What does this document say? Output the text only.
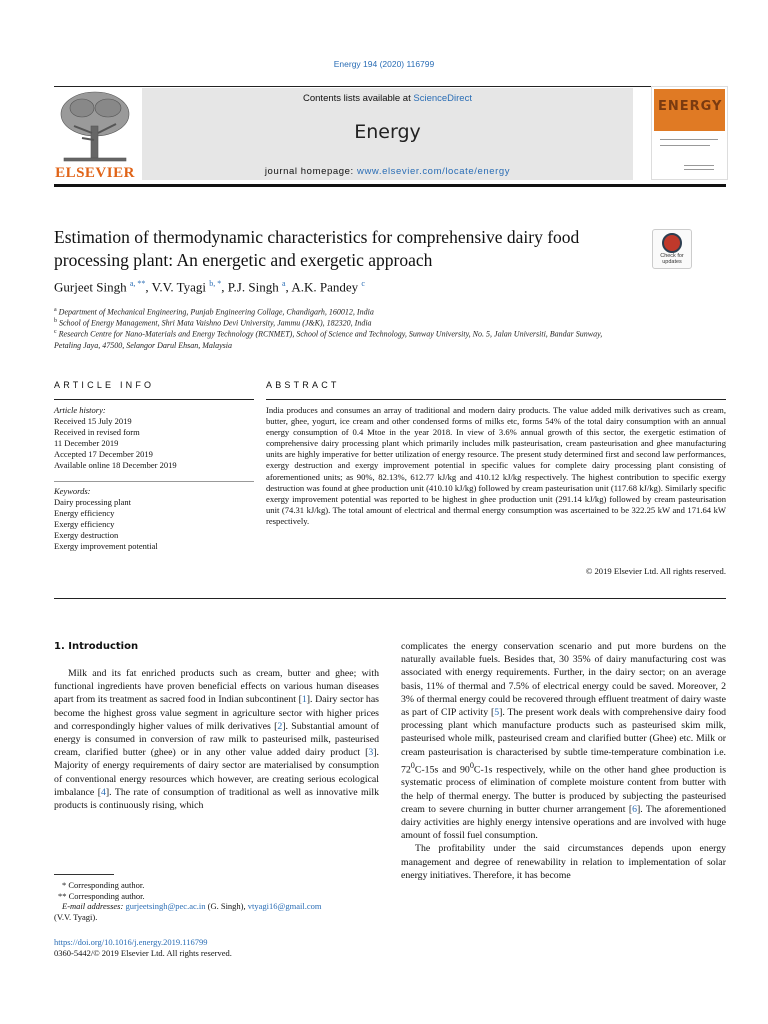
Energy 194 (2020) 116799
ELSEVIER
Contents lists available at ScienceDirect
Energy
journal homepage: www.elsevier.com/locate/energy
ENERGY
Estimation of thermodynamic characteristics for comprehensive dairy food processing plant: An energetic and exergetic approach	Check for
updates
Gurjeet Singh $^{a, **}$, V.V. Tyagi $^{b, *}$, P.J. Singh $^a$, A.K. Pandey $^c$
$^a$ Department of Mechanical Engineering, Punjab Engineering Collage, Chandigarh, 160012, India
$^b$ School of Energy Management, Shri Mata Vaishno Devi University, Jammu (J&K), 182320, India
$^c$ Research Centre for Nano-Materials and Energy Technology (RCNMET), School of Science and Technology, Sunway University, No. 5, Jalan Universiti, Bandar Sunway, Petaling Jaya, 47500, Selangor Darul Ehsan, Malaysia
ARTICLE INFO
Article history:
Received 15 July 2019
Received in revised form
11 December 2019
Accepted 17 December 2019
Available online 18 December 2019
Keywords:
Dairy processing plant
Energy efficiency
Exergy efficiency
Exergy destruction
Exergy improvement potential
ABSTRACT
India produces and consumes an array of traditional and modern dairy products. The value added milk derivatives such as cream, butter, ghee, yogurt, ice cream and other condensed forms of milks etc, forms 54% of the total dairy consumption with an annual energy consumption of 0.4 Mtoe in the year 2018. In view of 3.6% annual growth of this sector, the exergetic estimation of comprehensive dairy processing plant which primarily includes milk pasteurisation, cream pasteurisation and ghee manufacturing units are highly imperative for better utilization of energy resource. The present study determined first and second law performances, exergy destruction and exergy improvement potential in specific values for complete dairy processing plant consisting of aforementioned units; as 90%, 82.13%, 612.77 kJ/kg and 410.12 kJ/kg respectively. The highest contribution to specific exergy destruction was found at ghee production unit (410.10 kJ/kg) followed by cream pasteurisation unit (117.68 kJ/kg). Similarly specific exergy improvement potential was reported to be highest in ghee production unit (291.14 kJ/kg) followed by cream pasteurisation unit (74.31 kJ/kg). The total amount of electrical and thermal energy consumption was ascertained to be 322.25 kW and 171.64 kW respectively.
© 2019 Elsevier Ltd. All rights reserved.
1. Introduction

Milk and its fat enriched products such as cream, butter and ghee; with functional ingredients have proven beneficial effects on various human diseases apart from its treatment as sacred food in Indian subcontinent [1]. Dairy sector has become the highest gross value segment in agriculture sector with higher prices and correspondingly higher values of milk derivatives [2]. Substantial amount of energy is consumed in conversion of raw milk to pasteurised milk, pasteurised cream, clarified butter (ghee) or in any other value added dairy product [3]. Majority of energy requirements of dairy sector are materialised by consumption of conventional energy resources which however, are creating serious ecological imbalance [4]. The rate of consumption of traditional as well as innovative milk products is continuously rising, which

complicates the energy conservation scenario and put more burdens on the naturally available fuels. Besides that, 30 35% of dairy manufacturing cost was associated with energy requirements. Further, in the dairy sector; on an average basis, 11% of thermal and 7.5% of electrical energy could be saved. Moreover, 2 3% of thermal energy could be recovered through effluent treatment of dairy waste as part of CIP activity [5]. The present work deals with comprehensive dairy food processing plant which manufacture products such as pasteurised skim milk, pasteurised whole milk, pasteurised cream and clarified butter (Ghee) etc. Milk or cream pasteurisation is characterised by subtle time-temperature combination i.e. $72^0C-15s$ and $90^0C-1s$ respectively, while on the other hand ghee production is systematic process of elimination of complete moisture content from butter with the help of thermal energy. The butter is produced by subjecting the pasteurised cream to severe churning in butter churner arrangement [6]. The aforementioned dairy activities are highly energy intensive operations and are involved with huge amount of fossil fuel consumption.

The profitability under the said circumstances depends upon energy management and degree of renewability in relation to implementation of solar energy initiatives. Therefore, it has become

* Corresponding author.
** Corresponding author.
E-mail addresses: gurjeetsingh@pec.ac.in (G. Singh), vtyagi16@gmail.com
(V.V. Tyagi).
https://doi.org/10.1016/j.energy.2019.116799
0360-5442/© 2019 Elsevier Ltd. All rights reserved.
